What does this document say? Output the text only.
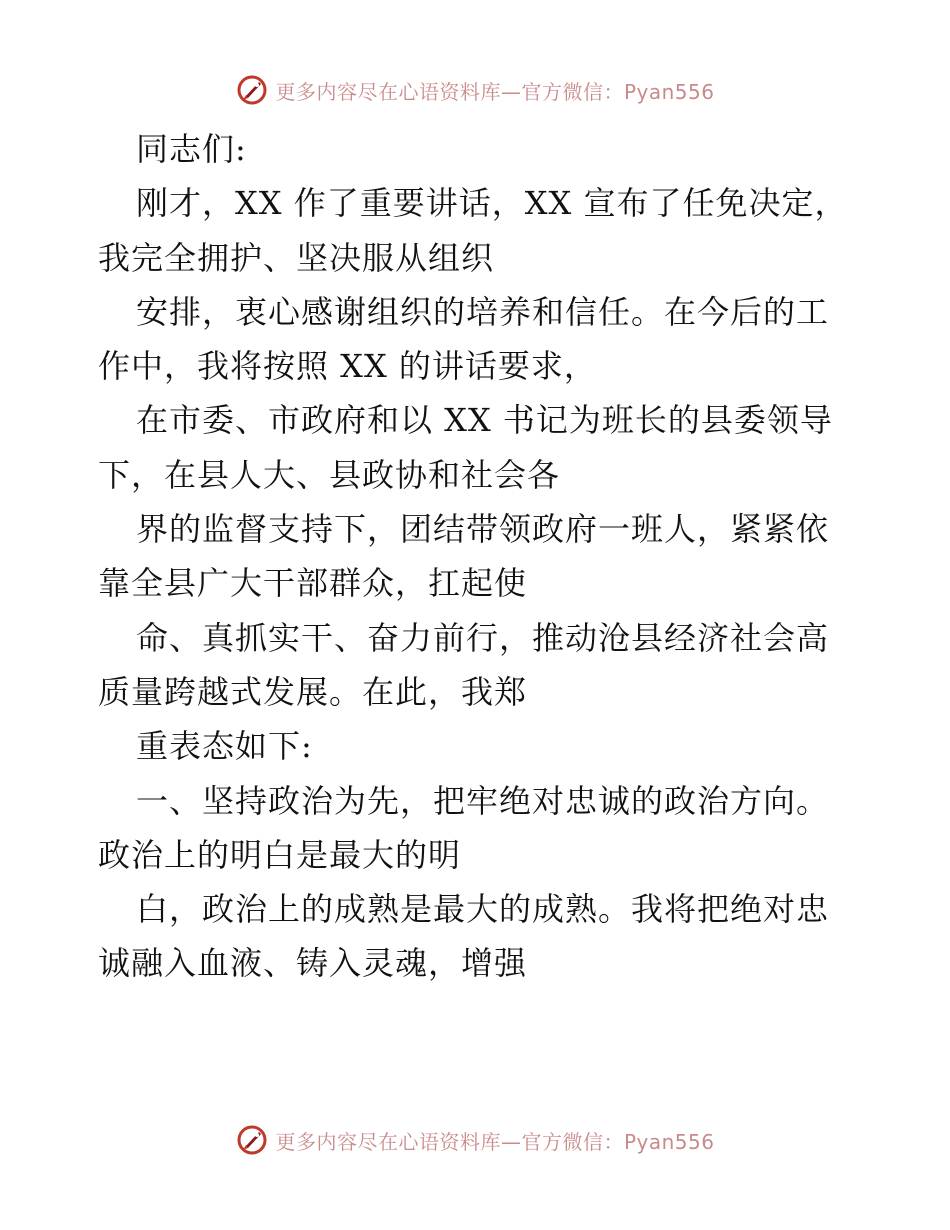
更多内容尽在心语资料库—官方微信：Pyan556
同志们:
刚才，XX 作了重要讲话，XX 宣布了任免决定，
我完全拥护、坚决服从组织
安排，衷心感谢组织的培养和信任。在今后的工
作中，我将按照 XX 的讲话要求，
在市委、市政府和以 XX 书记为班长的县委领导
下，在县人大、县政协和社会各
界的监督支持下，团结带领政府一班人，紧紧依
靠全县广大干部群众，扛起使
命、真抓实干、奋力前行，推动沧县经济社会高
质量跨越式发展。在此，我郑
重表态如下:
一、坚持政治为先，把牢绝对忠诚的政治方向。
政治上的明白是最大的明
白，政治上的成熟是最大的成熟。我将把绝对忠
诚融入血液、铸入灵魂，增强
更多内容尽在心语资料库—官方微信：Pyan556
